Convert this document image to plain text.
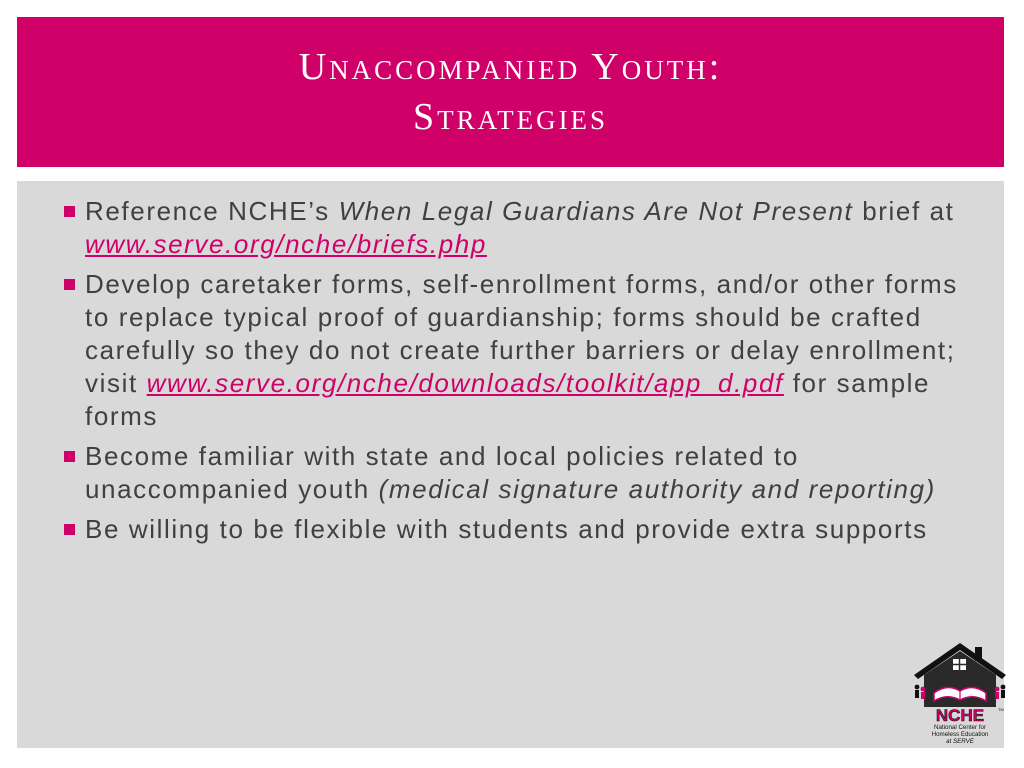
Unaccompanied Youth:

Strategies

Reference NCHE’s When Legal Guardians Are Not Present brief at www.serve.org/nche/briefs.php
Develop caretaker forms, self-enrollment forms, and/or other forms to replace typical proof of guardianship; forms should be crafted carefully so they do not create further barriers or delay enrollment; visit www.serve.org/nche/downloads/toolkit/app_d.pdf for sample forms
Become familiar with state and local policies related to unaccompanied youth (medical signature authority and reporting)
Be willing to be flexible with students and provide extra supports
NCHE	TM
National Center for
Homeless Education
at SERVE
